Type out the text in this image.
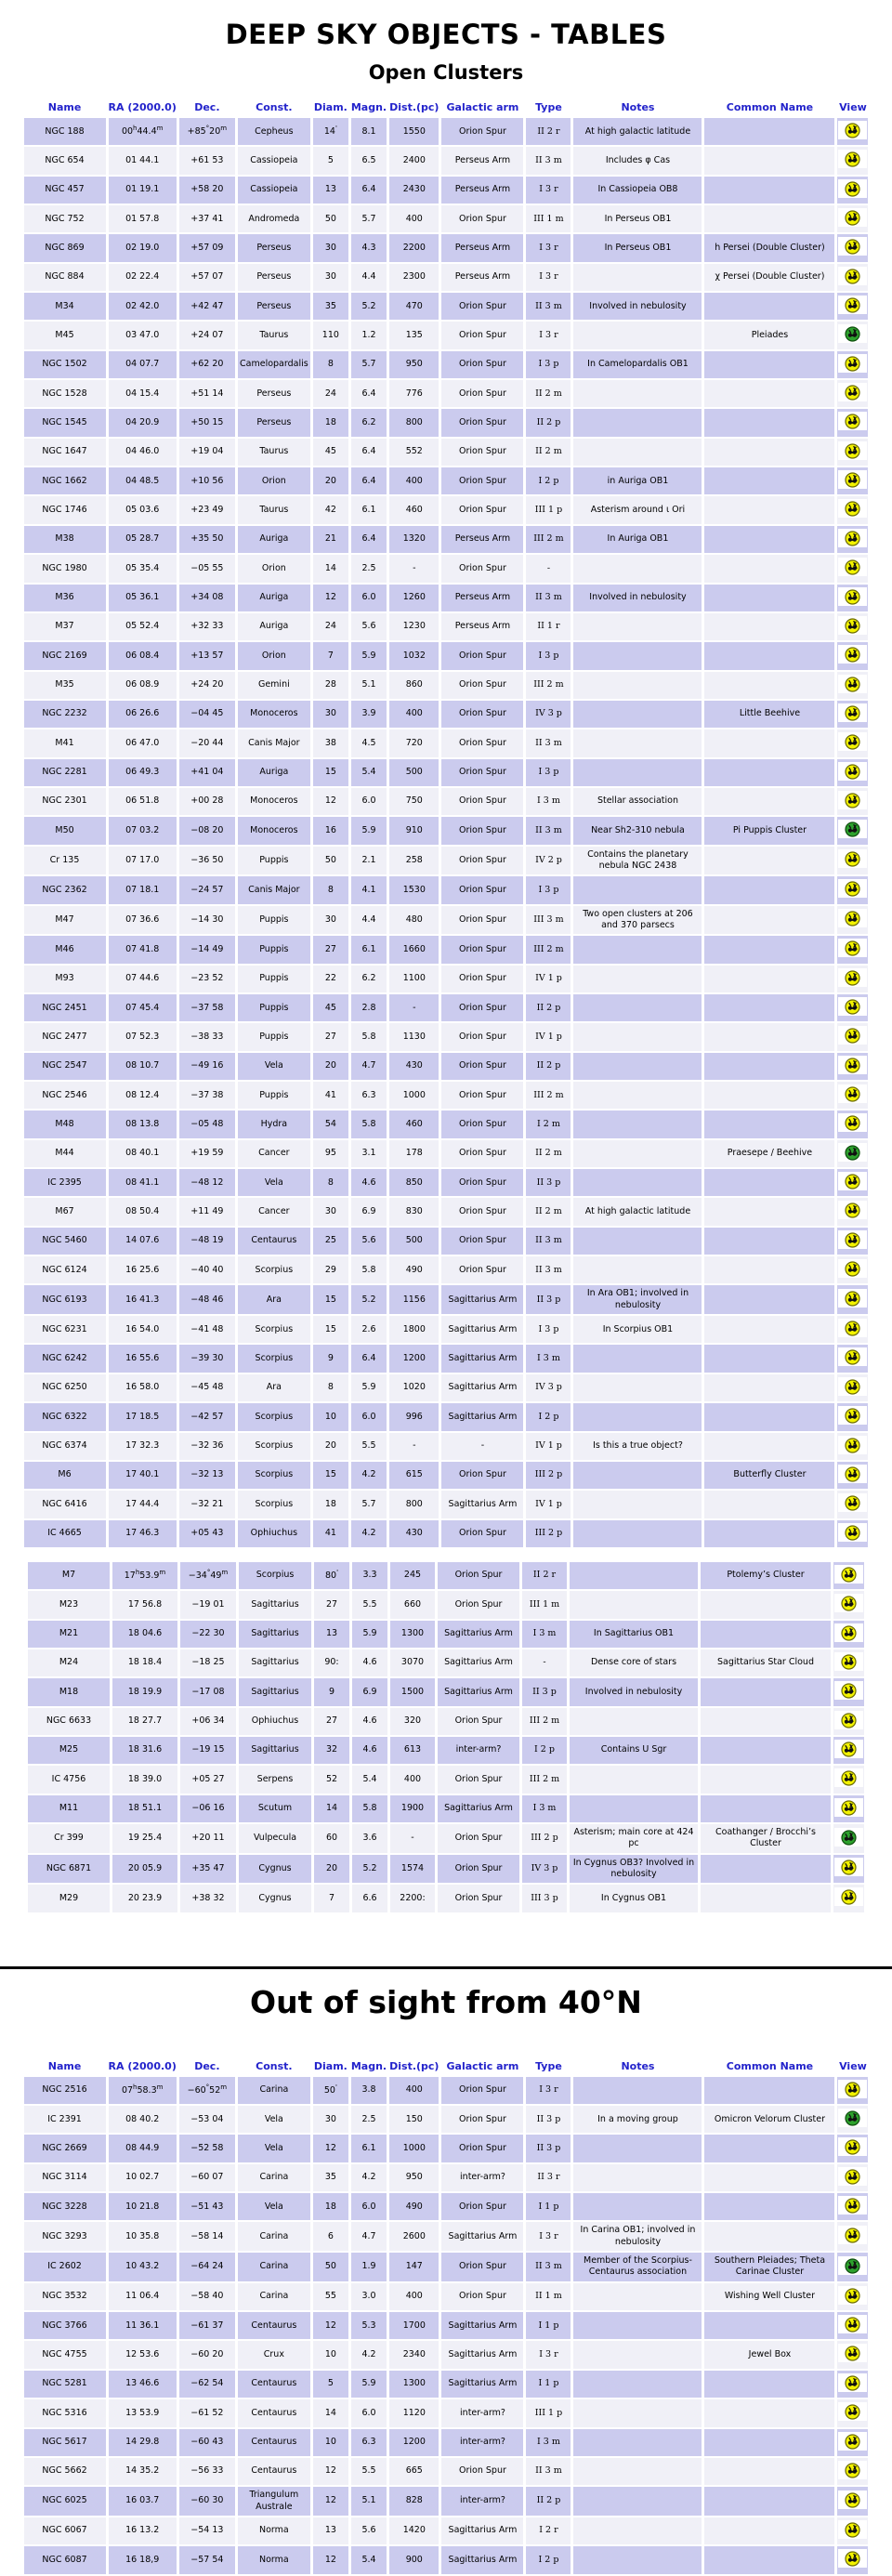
DEEP SKY OBJECTS - TABLES
Open Clusters
Name	RA (2000.0)	Dec.	Const.	Diam.	Magn.	Dist.(pc)	Galactic arm	Type	Notes	Common Name	View
NGC 188	$00^h44.4^m$	$+85^\circ 20^m$	Cepheus	14'	8.1	1550	Orion Spur	II 2 r	At high galactic latitude		
NGC 654	01 44.1	+61 53	Cassiopeia	5	6.5	2400	Perseus Arm	II 3 m	Includes φ Cas		
NGC 457	01 19.1	+58 20	Cassiopeia	13	6.4	2430	Perseus Arm	I 3 r	In Cassiopeia OB8		
NGC 752	01 57.8	+37 41	Andromeda	50	5.7	400	Orion Spur	III 1 m	In Perseus OB1		
NGC 869	02 19.0	+57 09	Perseus	30	4.3	2200	Perseus Arm	I 3 r	In Perseus OB1	h Persei (Double Cluster)	
NGC 884	02 22.4	+57 07	Perseus	30	4.4	2300	Perseus Arm	I 3 r		χ Persei (Double Cluster)	
M34	02 42.0	+42 47	Perseus	35	5.2	470	Orion Spur	II 3 m	Involved in nebulosity		
M45	03 47.0	+24 07	Taurus	110	1.2	135	Orion Spur	I 3 r		Pleiades	
NGC 1502	04 07.7	+62 20	Camelopardalis	8	5.7	950	Orion Spur	I 3 p	In Camelopardalis OB1		
NGC 1528	04 15.4	+51 14	Perseus	24	6.4	776	Orion Spur	II 2 m			
NGC 1545	04 20.9	+50 15	Perseus	18	6.2	800	Orion Spur	II 2 p			
NGC 1647	04 46.0	+19 04	Taurus	45	6.4	552	Orion Spur	II 2 m			
NGC 1662	04 48.5	+10 56	Orion	20	6.4	400	Orion Spur	I 2 p	in Auriga OB1		
NGC 1746	05 03.6	+23 49	Taurus	42	6.1	460	Orion Spur	III 1 p	Asterism around ι Ori		
M38	05 28.7	+35 50	Auriga	21	6.4	1320	Perseus Arm	III 2 m	In Auriga OB1		
NGC 1980	05 35.4	−05 55	Orion	14	2.5	-	Orion Spur	-			
M36	05 36.1	+34 08	Auriga	12	6.0	1260	Perseus Arm	II 3 m	Involved in nebulosity		
M37	05 52.4	+32 33	Auriga	24	5.6	1230	Perseus Arm	II 1 r			
NGC 2169	06 08.4	+13 57	Orion	7	5.9	1032	Orion Spur	I 3 p			
M35	06 08.9	+24 20	Gemini	28	5.1	860	Orion Spur	III 2 m			
NGC 2232	06 26.6	−04 45	Monoceros	30	3.9	400	Orion Spur	IV 3 p		Little Beehive	
M41	06 47.0	−20 44	Canis Major	38	4.5	720	Orion Spur	II 3 m			
NGC 2281	06 49.3	+41 04	Auriga	15	5.4	500	Orion Spur	I 3 p			
NGC 2301	06 51.8	+00 28	Monoceros	12	6.0	750	Orion Spur	I 3 m	Stellar association		
M50	07 03.2	−08 20	Monoceros	16	5.9	910	Orion Spur	II 3 m	Near Sh2-310 nebula	Pi Puppis Cluster	
Cr 135	07 17.0	−36 50	Puppis	50	2.1	258	Orion Spur	IV 2 p	Contains the planetary nebula NGC 2438		
NGC 2362	07 18.1	−24 57	Canis Major	8	4.1	1530	Orion Spur	I 3 p			
M47	07 36.6	−14 30	Puppis	30	4.4	480	Orion Spur	III 3 m	Two open clusters at 206 and 370 parsecs		
M46	07 41.8	−14 49	Puppis	27	6.1	1660	Orion Spur	III 2 m			
M93	07 44.6	−23 52	Puppis	22	6.2	1100	Orion Spur	IV 1 p			
NGC 2451	07 45.4	−37 58	Puppis	45	2.8	-	Orion Spur	II 2 p			
NGC 2477	07 52.3	−38 33	Puppis	27	5.8	1130	Orion Spur	IV 1 p			
NGC 2547	08 10.7	−49 16	Vela	20	4.7	430	Orion Spur	II 2 p			
NGC 2546	08 12.4	−37 38	Puppis	41	6.3	1000	Orion Spur	III 2 m			
M48	08 13.8	−05 48	Hydra	54	5.8	460	Orion Spur	I 2 m			
M44	08 40.1	+19 59	Cancer	95	3.1	178	Orion Spur	II 2 m		Praesepe / Beehive	
IC 2395	08 41.1	−48 12	Vela	8	4.6	850	Orion Spur	II 3 p			
M67	08 50.4	+11 49	Cancer	30	6.9	830	Orion Spur	II 2 m	At high galactic latitude		
NGC 5460	14 07.6	−48 19	Centaurus	25	5.6	500	Orion Spur	II 3 m			
NGC 6124	16 25.6	−40 40	Scorpius	29	5.8	490	Orion Spur	II 3 m			
NGC 6193	16 41.3	−48 46	Ara	15	5.2	1156	Sagittarius Arm	II 3 p	In Ara OB1; involved in nebulosity		
NGC 6231	16 54.0	−41 48	Scorpius	15	2.6	1800	Sagittarius Arm	I 3 p	In Scorpius OB1		
NGC 6242	16 55.6	−39 30	Scorpius	9	6.4	1200	Sagittarius Arm	I 3 m			
NGC 6250	16 58.0	−45 48	Ara	8	5.9	1020	Sagittarius Arm	IV 3 p			
NGC 6322	17 18.5	−42 57	Scorpius	10	6.0	996	Sagittarius Arm	I 2 p			
NGC 6374	17 32.3	−32 36	Scorpius	20	5.5	-	-	IV 1 p	Is this a true object?		
M6	17 40.1	−32 13	Scorpius	15	4.2	615	Orion Spur	III 2 p		Butterfly Cluster	
NGC 6416	17 44.4	−32 21	Scorpius	18	5.7	800	Sagittarius Arm	IV 1 p			
IC 4665	17 46.3	+05 43	Ophiuchus	41	4.2	430	Orion Spur	III 2 p			
M7	$17^h53.9^m$	$-34^\circ 49^m$	Scorpius	80'	3.3	245	Orion Spur	II 2 r		Ptolemy’s Cluster	
M23	17 56.8	−19 01	Sagittarius	27	5.5	660	Orion Spur	III 1 m			
M21	18 04.6	−22 30	Sagittarius	13	5.9	1300	Sagittarius Arm	I 3 m	In Sagittarius OB1		
M24	18 18.4	−18 25	Sagittarius	90:	4.6	3070	Sagittarius Arm	-	Dense core of stars	Sagittarius Star Cloud	
M18	18 19.9	−17 08	Sagittarius	9	6.9	1500	Sagittarius Arm	II 3 p	Involved in nebulosity		
NGC 6633	18 27.7	+06 34	Ophiuchus	27	4.6	320	Orion Spur	III 2 m			
M25	18 31.6	−19 15	Sagittarius	32	4.6	613	inter-arm?	I 2 p	Contains U Sgr		
IC 4756	18 39.0	+05 27	Serpens	52	5.4	400	Orion Spur	III 2 m			
M11	18 51.1	−06 16	Scutum	14	5.8	1900	Sagittarius Arm	I 3 m			
Cr 399	19 25.4	+20 11	Vulpecula	60	3.6	-	Orion Spur	III 2 p	Asterism; main core at 424 pc	Coathanger / Brocchi’s Cluster	
NGC 6871	20 05.9	+35 47	Cygnus	20	5.2	1574	Orion Spur	IV 3 p	In Cygnus OB3? Involved in nebulosity		
M29	20 23.9	+38 32	Cygnus	7	6.6	2200:	Orion Spur	III 3 p	In Cygnus OB1		
Out of sight from 40°N
Name	RA (2000.0)	Dec.	Const.	Diam.	Magn.	Dist.(pc)	Galactic arm	Type	Notes	Common Name	View
NGC 2516	$07^h58.3^m$	$-60^\circ 52^m$	Carina	50'	3.8	400	Orion Spur	I 3 r			
IC 2391	08 40.2	−53 04	Vela	30	2.5	150	Orion Spur	II 3 p	In a moving group	Omicron Velorum Cluster	
NGC 2669	08 44.9	−52 58	Vela	12	6.1	1000	Orion Spur	II 3 p			
NGC 3114	10 02.7	−60 07	Carina	35	4.2	950	inter-arm?	II 3 r			
NGC 3228	10 21.8	−51 43	Vela	18	6.0	490	Orion Spur	I 1 p			
NGC 3293	10 35.8	−58 14	Carina	6	4.7	2600	Sagittarius Arm	I 3 r	In Carina OB1; involved in nebulosity		
IC 2602	10 43.2	−64 24	Carina	50	1.9	147	Orion Spur	II 3 m	Member of the Scorpius-Centaurus association	Southern Pleiades; Theta Carinae Cluster	
NGC 3532	11 06.4	−58 40	Carina	55	3.0	400	Orion Spur	II 1 m		Wishing Well Cluster	
NGC 3766	11 36.1	−61 37	Centaurus	12	5.3	1700	Sagittarius Arm	I 1 p			
NGC 4755	12 53.6	−60 20	Crux	10	4.2	2340	Sagittarius Arm	I 3 r		Jewel Box	
NGC 5281	13 46.6	−62 54	Centaurus	5	5.9	1300	Sagittarius Arm	I 1 p			
NGC 5316	13 53.9	−61 52	Centaurus	14	6.0	1120	inter-arm?	III 1 p			
NGC 5617	14 29.8	−60 43	Centaurus	10	6.3	1200	inter-arm?	I 3 m			
NGC 5662	14 35.2	−56 33	Centaurus	12	5.5	665	Orion Spur	II 3 m			
NGC 6025	16 03.7	−60 30	Triangulum Australe	12	5.1	828	inter-arm?	II 2 p			
NGC 6067	16 13.2	−54 13	Norma	13	5.6	1420	Sagittarius Arm	I 2 r			
NGC 6087	16 18,9	−57 54	Norma	12	5.4	900	Sagittarius Arm	I 2 p			
